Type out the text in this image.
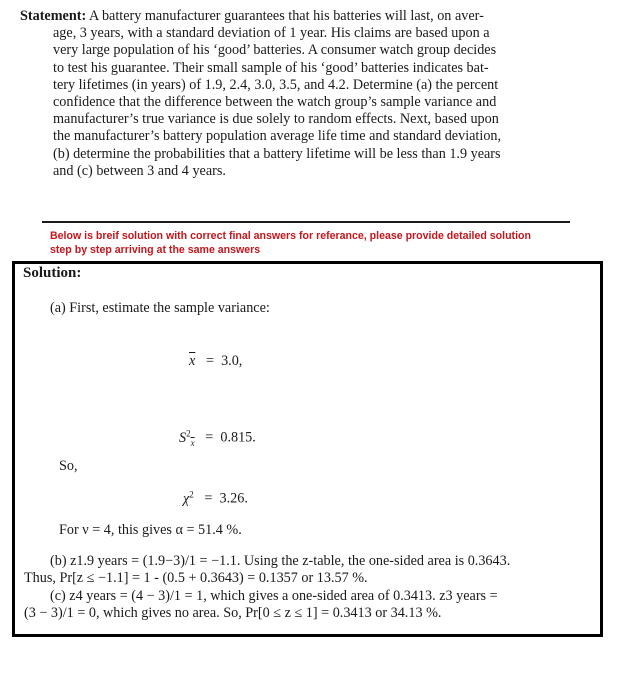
Statement: A battery manufacturer guarantees that his batteries will last, on aver-
age, 3 years, with a standard deviation of 1 year. His claims are based upon a
very large population of his ‘good’ batteries. A consumer watch group decides
to test his guarantee. Their small sample of his ‘good’ batteries indicates bat-
tery lifetimes (in years) of 1.9, 2.4, 3.0, 3.5, and 4.2. Determine (a) the percent
confidence that the difference between the watch group’s sample variance and
manufacturer’s true variance is due solely to random effects. Next, based upon
the manufacturer’s battery population average life time and standard deviation,
(b) determine the probabilities that a battery lifetime will be less than 1.9 years
and (c) between 3 and 4 years.
Below is breif solution with correct final answers for referance, please provide detailed solution
step by step arriving at the same answers
Solution:
(a) First, estimate the sample variance:
$\overline{x} = 3.0$,
$S^2_{\overline{x}} = 0.815$.
So,
$\chi^2 = 3.26$.
For ν = 4, this gives α = 51.4 %.
(b) z1.9 years = (1.9−3)/1 = −1.1. Using the z-table, the one-sided area is 0.3643.
Thus, Pr[z ≤ −1.1] = 1 - (0.5 + 0.3643) = 0.1357 or 13.57 %.
(c) z4 years = (4 − 3)/1 = 1, which gives a one-sided area of 0.3413. z3 years =
(3 − 3)/1 = 0, which gives no area. So, Pr[0 ≤ z ≤ 1] = 0.3413 or 34.13 %.
